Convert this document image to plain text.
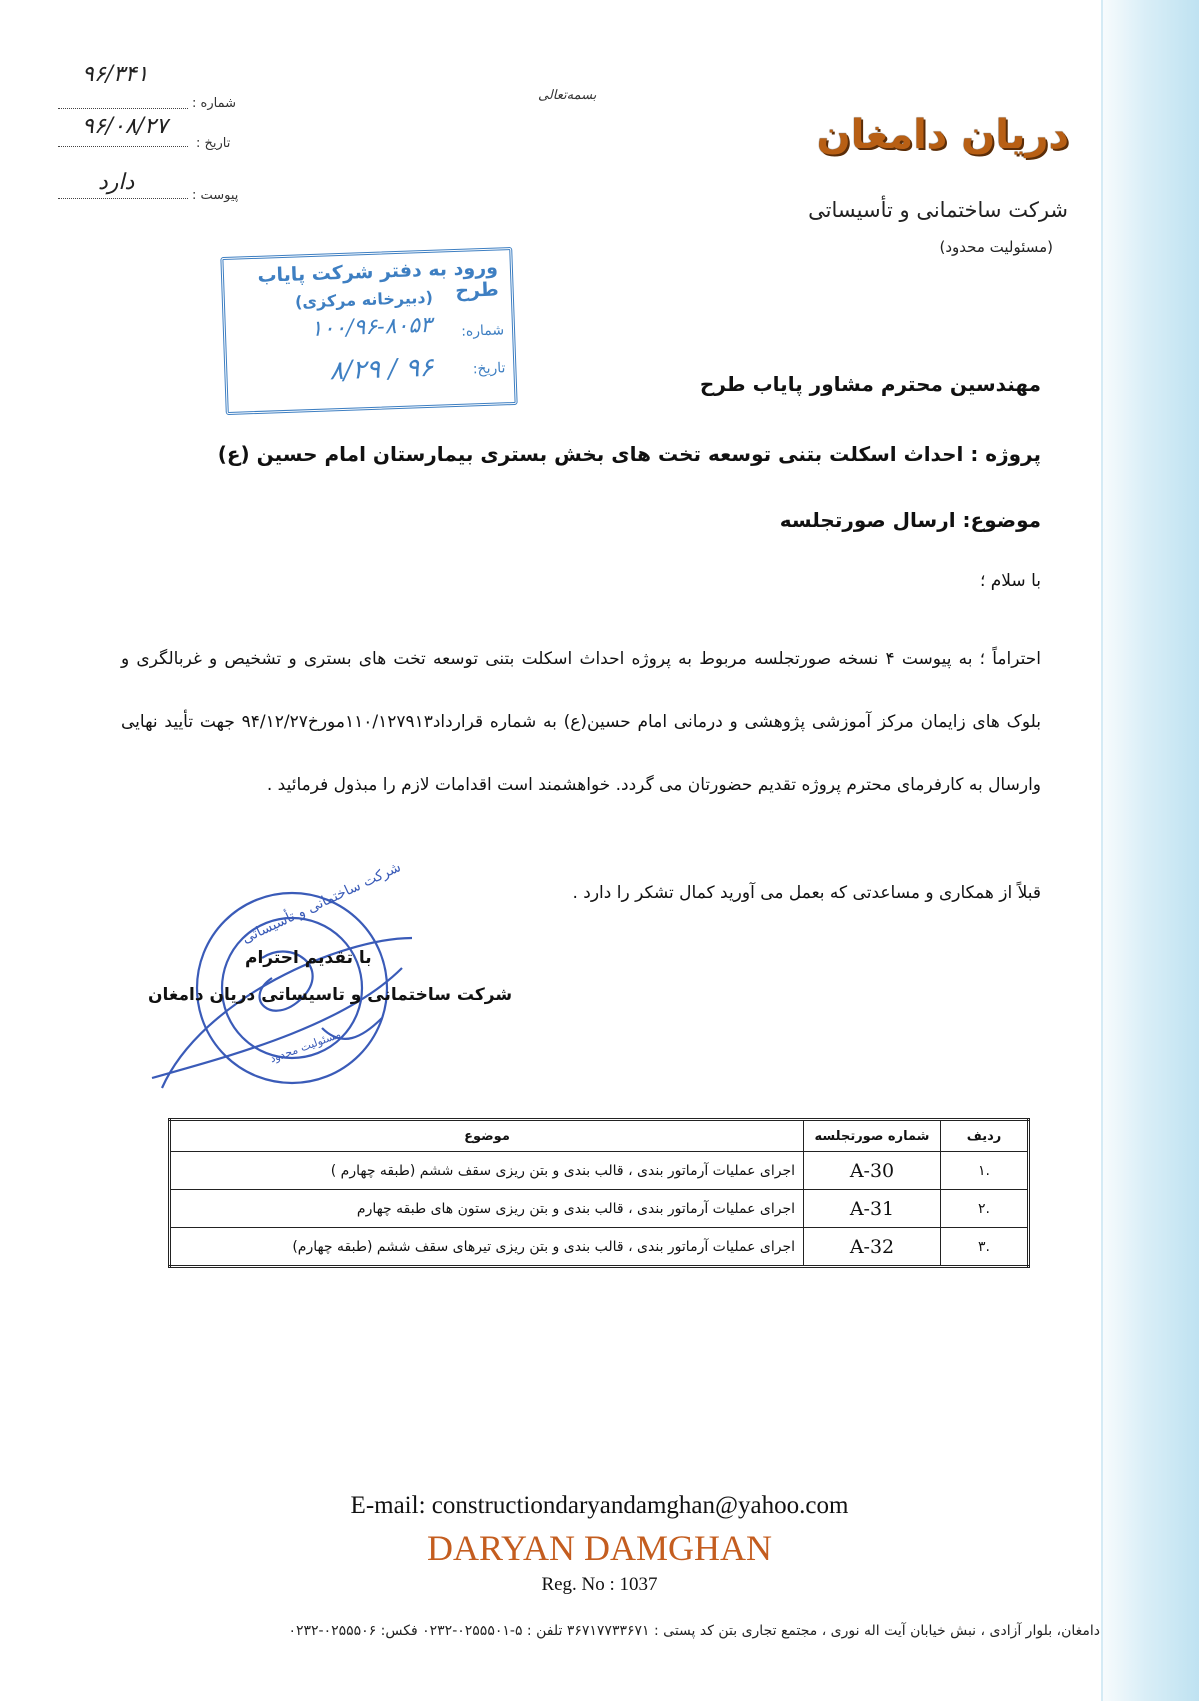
۹۶/۳۴۱
: شماره
۹۶/۰۸/۲۷
: تاریخ
دارد
: پیوست
بسمه‌تعالی
دریان دامغان
شرکت ساختمانی و تأسیساتی
(مسئولیت محدود)
ورود به دفتر شرکت پایاب طرح
(دبیرخانه مرکزی)
شماره:
۱۰۰/۹۶-۸۰۵۳
تاریخ:
۹۶ / ۸/۲۹
مهندسین محترم مشاور پایاب طرح
پروژه : احداث اسکلت بتنی توسعه تخت های بخش بستری بیمارستان امام حسین (ع)
موضوع: ارسال صورتجلسه
با سلام ؛
احتراماً ؛ به پیوست ۴ نسخه صورتجلسه مربوط به پروژه احداث اسکلت بتنی توسعه تخت های بستری و تشخیص و غربالگری و بلوک های زایمان مرکز آموزشی پژوهشی و درمانی امام حسین(ع) به شماره قرارداد۱۱۰/۱۲۷۹۱۳مورخ۹۴/۱۲/۲۷ جهت تأیید نهایی وارسال به کارفرمای محترم پروژه تقدیم حضورتان می گردد. خواهشمند است اقدامات لازم را مبذول فرمائید .
قبلاً از همکاری و مساعدتی که بعمل می آورید کمال تشکر را دارد .
شرکت ساختمانی و تأسیساتی
مسئولیت محدود
با تقدیم احترام
شرکت ساختمانی و تاسیساتی دریان دامغان
ردیف	شماره صورتجلسه	موضوع
.۱	A-30	اجرای عملیات آرماتور بندی ، قالب بندی و بتن ریزی سقف ششم (طبقه چهارم )
.۲	A-31	اجرای عملیات آرماتور بندی ، قالب بندی و بتن ریزی ستون های طبقه چهارم
.۳	A-32	اجرای عملیات آرماتور بندی ، قالب بندی و بتن ریزی تیرهای سقف ششم (طبقه چهارم)
E-mail: constructiondaryandamghan@yahoo.com
DARYAN DAMGHAN
Reg. No : 1037
دامغان، بلوار آزادی ، نبش خیابان آیت اله نوری ، مجتمع تجاری بتن کد پستی : ۳۶۷۱۷۷۳۳۶۷۱ تلفن : ۵-۰۲۵۵۵۰۱-۰۲۳۲ فکس: ۰۲۵۵۵۰۶-۰۲۳۲
